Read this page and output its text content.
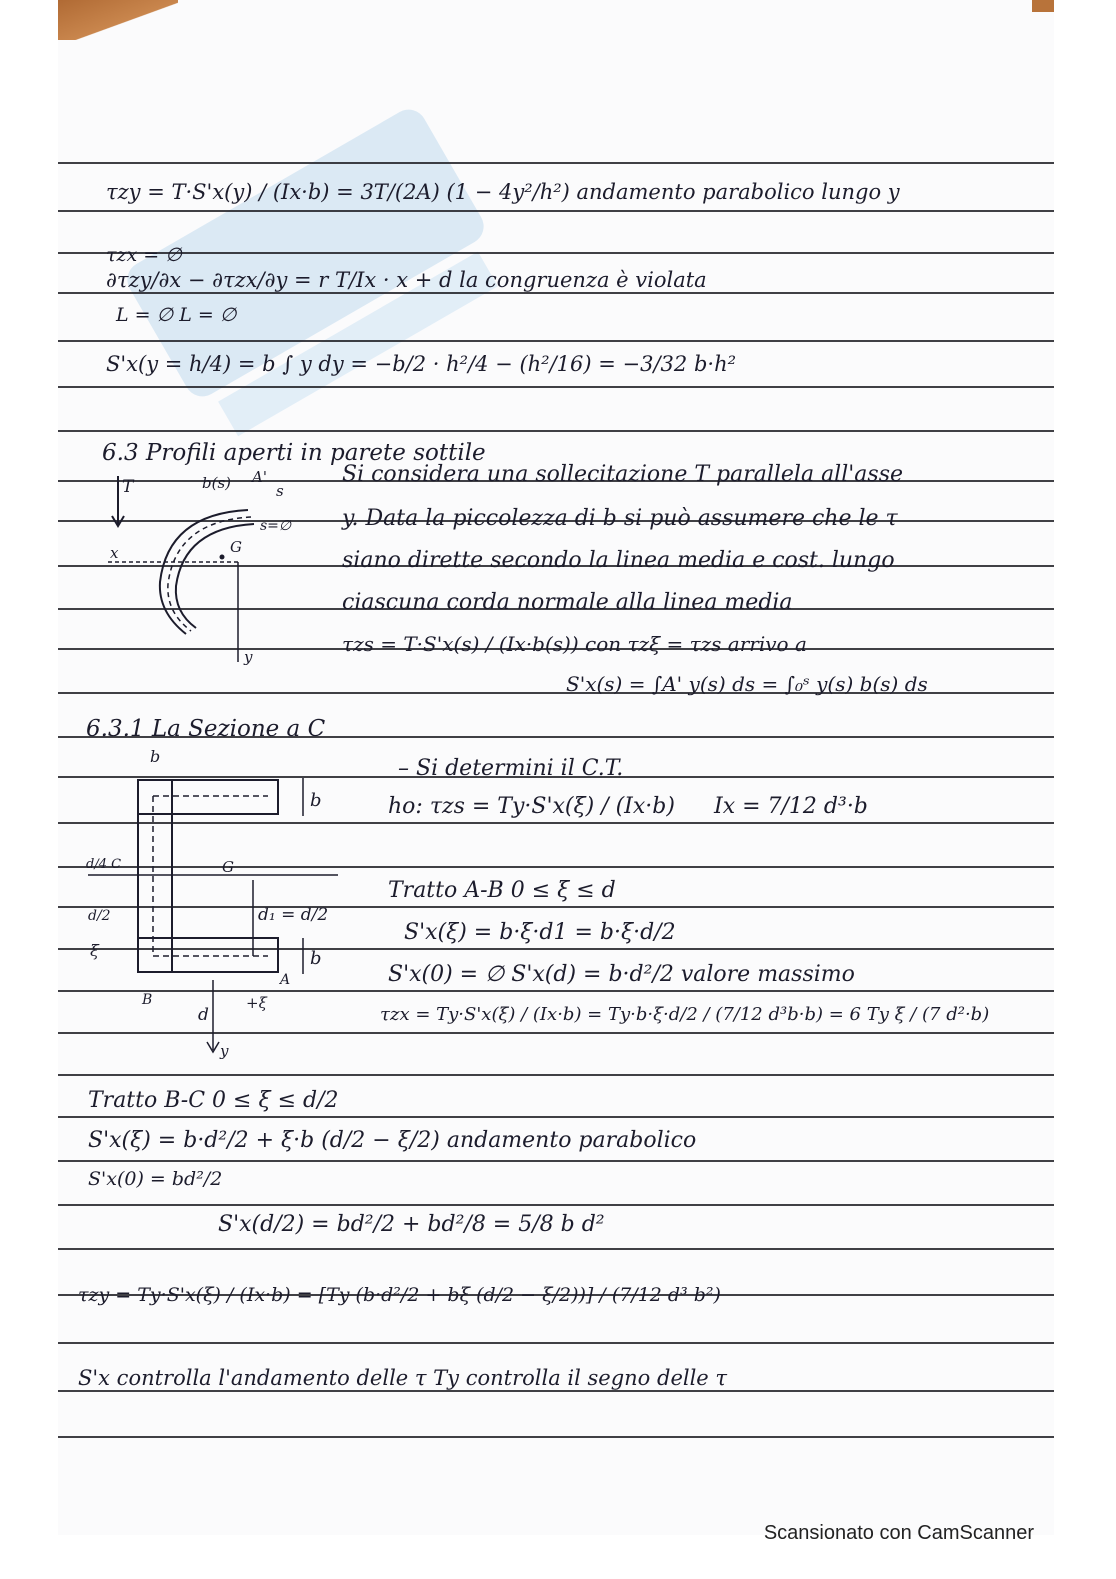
τzy = T·S'x(y) / (Ix·b) = 3T/(2A) (1 − 4y²/h²) andamento parabolico lungo y
τzx = ∅
∂τzy/∂x − ∂τzx/∂y = r T/Ix · x + d la congruenza è violata
L = ∅ L = ∅
S'x(y = h/4) = b ∫ y dy = −b/2 · h²/4 − (h²/16) = −3/32 b·h²
6.3 Profili aperti in parete sottile
Si considera una sollecitazione T parallela all'asse
y. Data la piccolezza di b si può assumere che le τ
siano dirette secondo la linea media e cost. lungo
ciascuna corda normale alla linea media
τzs = T·S'x(s) / (Ix·b(s)) con τzξ = τzs arrivo a
S'x(s) = ∫A' y(s) ds = ∫₀ˢ y(s) b(s) ds
6.3.1 La Sezione a C
– Si determini il C.T.
ho: τzs = Ty·S'x(ξ) / (Ix·b) Ix = 7/12 d³·b
Tratto A-B 0 ≤ ξ ≤ d
S'x(ξ) = b·ξ·d1 = b·ξ·d/2
S'x(0) = ∅ S'x(d) = b·d²/2 valore massimo
τzx = Ty·S'x(ξ) / (Ix·b) = Ty·b·ξ·d/2 / (7/12 d³b·b) = 6 Ty ξ / (7 d²·b)
Tratto B-C 0 ≤ ξ ≤ d/2
S'x(ξ) = b·d²/2 + ξ·b (d/2 − ξ/2) andamento parabolico
S'x(0) = bd²/2
S'x(d/2) = bd²/2 + bd²/8 = 5/8 b d²
τzy = Ty·S'x(ξ) / (Ix·b) = [Ty (b·d²/2 + bξ (d/2 − ξ/2))] / (7/12 d³ b²)
S'x controlla l'andamento delle τ Ty controlla il segno delle τ
T	b(s) A'
s
s=∅
G
x
y
b
b
b
d/4 C	G
d/2	d₁ = d/2
ξ
A
B
d
+ξ
y
Scansionato con CamScanner
